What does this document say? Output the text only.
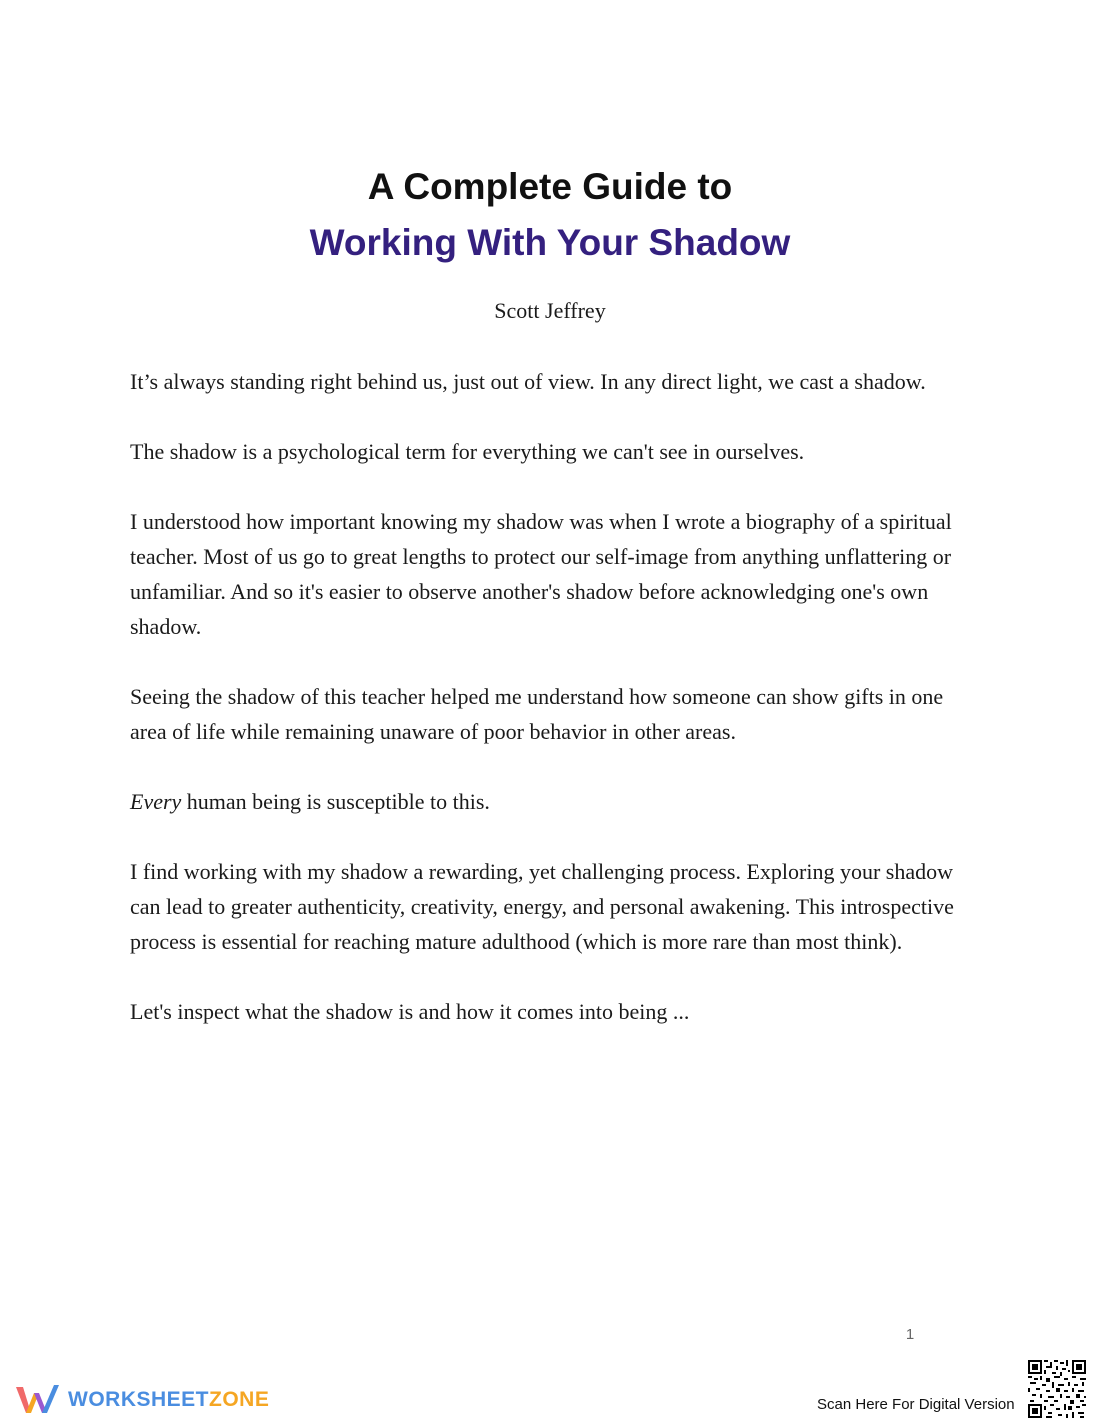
A Complete Guide to
Working With Your Shadow
Scott Jeffrey

It’s always standing right behind us, just out of view. In any direct light, we cast a shadow.

The shadow is a psychological term for everything we can't see in ourselves.

I understood how important knowing my shadow was when I wrote a biography of a spiritual teacher. Most of us go to great lengths to protect our self-image from anything unflattering or unfamiliar. And so it's easier to observe another's shadow before acknowledging one's own shadow.

Seeing the shadow of this teacher helped me understand how someone can show gifts in one area of life while remaining unaware of poor behavior in other areas.

Every human being is susceptible to this.

I find working with my shadow a rewarding, yet challenging process. Exploring your shadow can lead to greater authenticity, creativity, energy, and personal awakening. This introspective process is essential for reaching mature adulthood (which is more rare than most think).

Let's inspect what the shadow is and how it comes into being ...

1
WORKSHEETZONE	Scan Here For Digital Version
